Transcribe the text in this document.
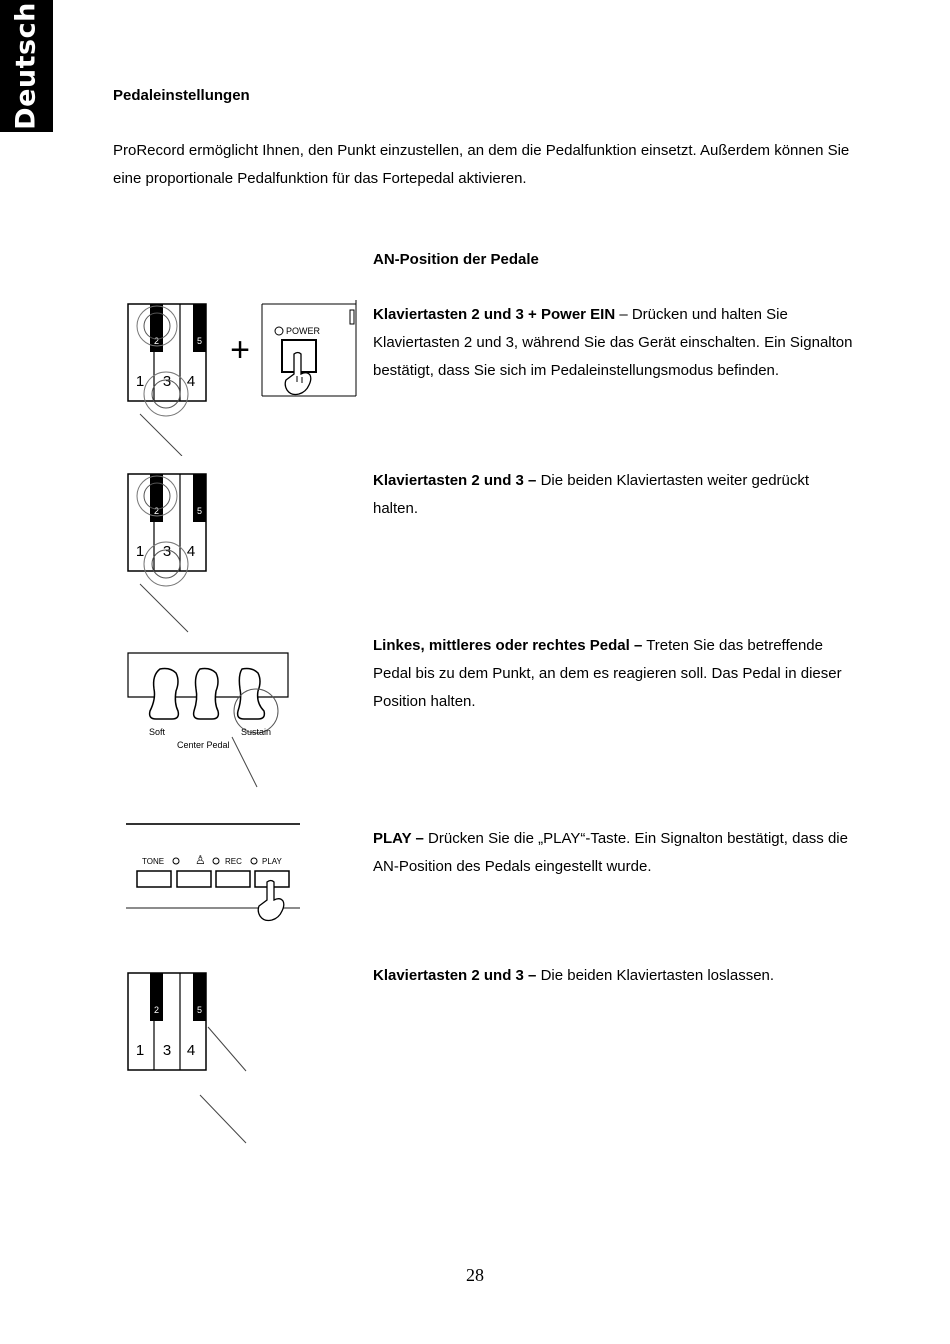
Deutsch	Pedaleinstellungen

ProRecord ermöglicht Ihnen, den Punkt einzustellen, an dem die Pedalfunktion einsetzt. Außerdem können Sie eine proportionale Pedalfunktion für das Fortepedal aktivieren.

AN-Position der Pedale

Klaviertasten 2 und 3 + Power EIN – Drücken und halten Sie Klaviertasten 2 und 3, während Sie das Gerät einschalten. Ein Signalton bestätigt, dass Sie sich im Pedaleinstellungsmodus befinden.

Klaviertasten 2 und 3 – Die beiden Klaviertasten weiter gedrückt halten.

Linkes, mittleres oder rechtes Pedal – Treten Sie das betreffende Pedal bis zu dem Punkt, an dem es reagieren soll. Das Pedal in dieser Position halten.

PLAY – Drücken Sie die „PLAY“-Taste. Ein Signalton bestätigt, dass die AN-Position des Pedals eingestellt wurde.

Klaviertasten 2 und 3 – Die beiden Klaviertasten loslassen.

2	5
1 3 4
+	POWER
2	5
1 3 4
Soft
Center Pedal
Sustain
TONE	♙ REC	PLAY
2	5
1 3 4
28
